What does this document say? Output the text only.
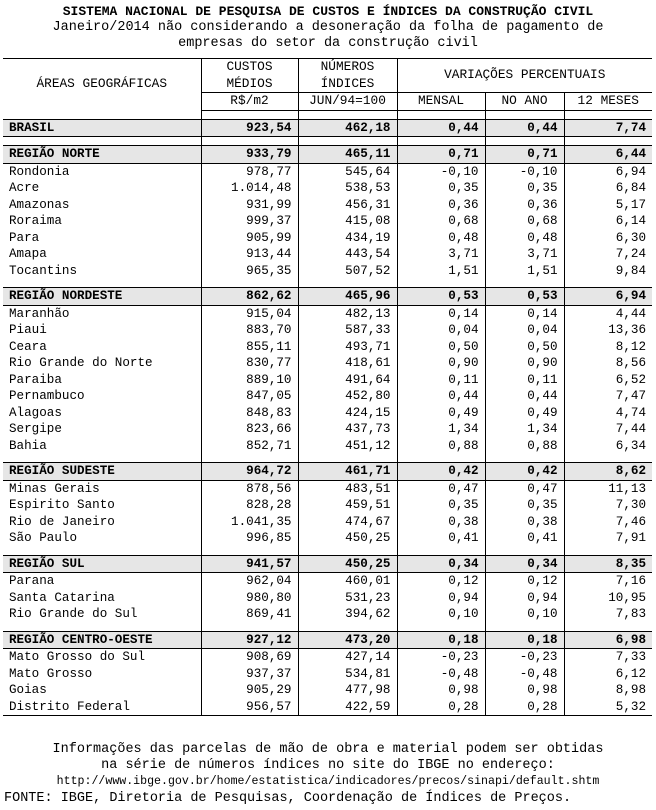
SISTEMA NACIONAL DE PESQUISA DE CUSTOS E ÍNDICES DA CONSTRUÇÃO CIVIL
Janeiro/2014 não considerando a desoneração da folha de pagamento de
empresas do setor da construção civil
ÁREAS GEOGRÁFICAS	CUSTOS	NÚMEROS	VARIAÇÕES PERCENTUAIS		
	MÉDIOS	ÍNDICES			
	R$/m2	JUN/94=100	MENSAL	NO ANO	12 MESES

BRASIL	923,54	462,18	0,44	0,44	7,74

REGIÃO NORTE	933,79	465,11	0,71	0,71	6,44
Rondonia	978,77	545,64	-0,10	-0,10	6,94
Acre	1.014,48	538,53	0,35	0,35	6,84
Amazonas	931,99	456,31	0,36	0,36	5,17
Roraima	999,37	415,08	0,68	0,68	6,14
Para	905,99	434,19	0,48	0,48	6,30
Amapa	913,44	443,54	3,71	3,71	7,24
Tocantins	965,35	507,52	1,51	1,51	9,84

REGIÃO NORDESTE	862,62	465,96	0,53	0,53	6,94
Maranhão	915,04	482,13	0,14	0,14	4,44
Piaui	883,70	587,33	0,04	0,04	13,36
Ceara	855,11	493,71	0,50	0,50	8,12
Rio Grande do Norte	830,77	418,61	0,90	0,90	8,56
Paraiba	889,10	491,64	0,11	0,11	6,52
Pernambuco	847,05	452,80	0,44	0,44	7,47
Alagoas	848,83	424,15	0,49	0,49	4,74
Sergipe	823,66	437,73	1,34	1,34	7,44
Bahia	852,71	451,12	0,88	0,88	6,34

REGIÃO SUDESTE	964,72	461,71	0,42	0,42	8,62
Minas Gerais	878,56	483,51	0,47	0,47	11,13
Espirito Santo	828,28	459,51	0,35	0,35	7,30
Rio de Janeiro	1.041,35	474,67	0,38	0,38	7,46
São Paulo	996,85	450,25	0,41	0,41	7,91

REGIÃO SUL	941,57	450,25	0,34	0,34	8,35
Parana	962,04	460,01	0,12	0,12	7,16
Santa Catarina	980,80	531,23	0,94	0,94	10,95
Rio Grande do Sul	869,41	394,62	0,10	0,10	7,83

REGIÃO CENTRO-OESTE	927,12	473,20	0,18	0,18	6,98
Mato Grosso do Sul	908,69	427,14	-0,23	-0,23	7,33
Mato Grosso	937,37	534,81	-0,48	-0,48	6,12
Goias	905,29	477,98	0,98	0,98	8,98
Distrito Federal	956,57	422,59	0,28	0,28	5,32
Informações das parcelas de mão de obra e material podem ser obtidas
na série de números índices no site do IBGE no endereço:
http://www.ibge.gov.br/home/estatistica/indicadores/precos/sinapi/default.shtm
FONTE: IBGE, Diretoria de Pesquisas, Coordenação de Índices de Preços.
